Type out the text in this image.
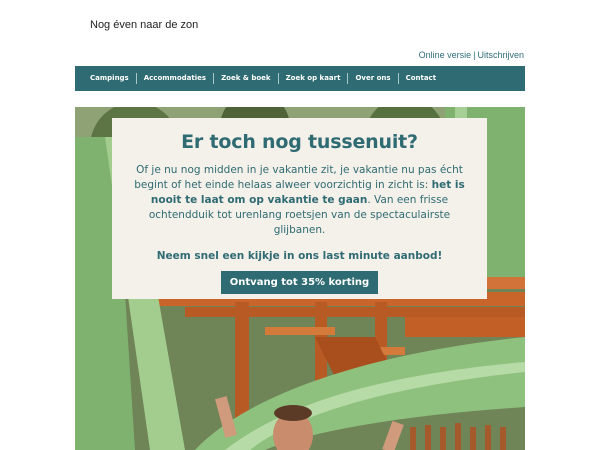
Nog éven naar de zon
Online versie | Uitschrijven
Campings	Accommodaties	Zoek & boek	Zoek op kaart	Over ons	Contact
Er toch nog tussenuit?

Of je nu nog midden in je vakantie zit, je vakantie nu pas écht begint of het einde helaas alweer voorzichtig in zicht is: het is nooit te laat om op vakantie te gaan. Van een frisse ochtendduik tot urenlang roetsjen van de spectaculairste glijbanen.

Neem snel een kijkje in ons last minute aanbod!

Ontvang tot 35% korting
